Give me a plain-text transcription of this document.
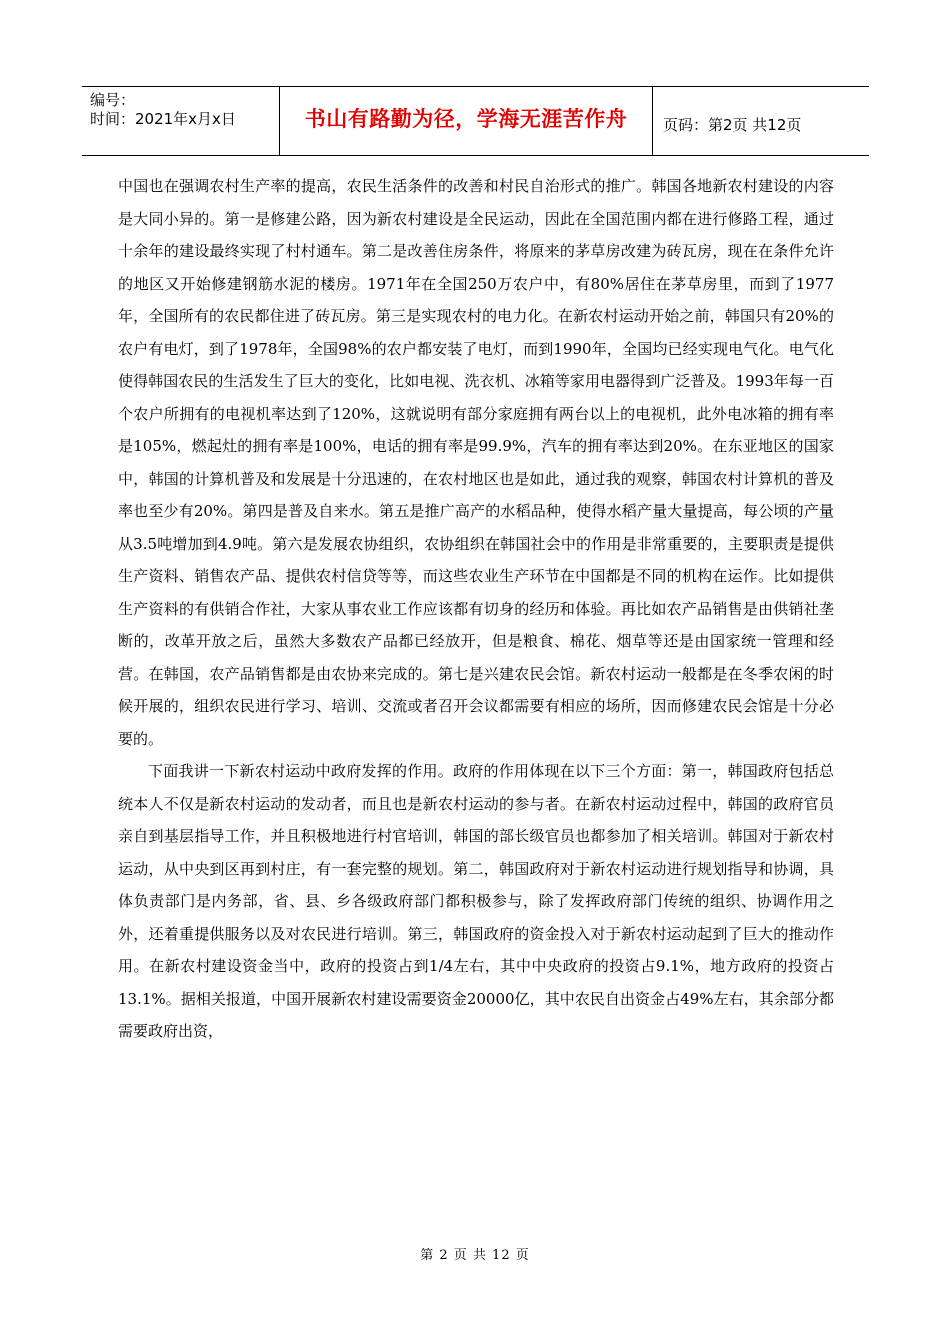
编号：
时间：2021年x月x日	书山有路勤为径，学海无涯苦作舟	页码：第2页 共12页

中国也在强调农村生产率的提高，农民生活条件的改善和村民自治形式的推广。韩国各地新农村建设的内容是大同小异的。第一是修建公路，因为新农村建设是全民运动，因此在全国范围内都在进行修路工程，通过十余年的建设最终实现了村村通车。第二是改善住房条件，将原来的茅草房改建为砖瓦房，现在在条件允许的地区又开始修建钢筋水泥的楼房。1971年在全国250万农户中，有80%居住在茅草房里，而到了1977年，全国所有的农民都住进了砖瓦房。第三是实现农村的电力化。在新农村运动开始之前，韩国只有20%的农户有电灯，到了1978年，全国98%的农户都安装了电灯，而到1990年，全国均已经实现电气化。电气化使得韩国农民的生活发生了巨大的变化，比如电视、洗衣机、冰箱等家用电器得到广泛普及。1993年每一百个农户所拥有的电视机率达到了120%，这就说明有部分家庭拥有两台以上的电视机，此外电冰箱的拥有率是105%，燃起灶的拥有率是100%，电话的拥有率是99.9%，汽车的拥有率达到20%。在东亚地区的国家中，韩国的计算机普及和发展是十分迅速的，在农村地区也是如此，通过我的观察，韩国农村计算机的普及率也至少有20%。第四是普及自来水。第五是推广高产的水稻品种，使得水稻产量大量提高，每公顷的产量从3.5吨增加到4.9吨。第六是发展农协组织，农协组织在韩国社会中的作用是非常重要的，主要职责是提供生产资料、销售农产品、提供农村信贷等等，而这些农业生产环节在中国都是不同的机构在运作。比如提供生产资料的有供销合作社，大家从事农业工作应该都有切身的经历和体验。再比如农产品销售是由供销社垄断的，改革开放之后，虽然大多数农产品都已经放开，但是粮食、棉花、烟草等还是由国家统一管理和经营。在韩国，农产品销售都是由农协来完成的。第七是兴建农民会馆。新农村运动一般都是在冬季农闲的时候开展的，组织农民进行学习、培训、交流或者召开会议都需要有相应的场所，因而修建农民会馆是十分必要的。

下面我讲一下新农村运动中政府发挥的作用。政府的作用体现在以下三个方面：第一，韩国政府包括总统本人不仅是新农村运动的发动者，而且也是新农村运动的参与者。在新农村运动过程中，韩国的政府官员亲自到基层指导工作，并且积极地进行村官培训，韩国的部长级官员也都参加了相关培训。韩国对于新农村运动，从中央到区再到村庄，有一套完整的规划。第二，韩国政府对于新农村运动进行规划指导和协调，具体负责部门是内务部，省、县、乡各级政府部门都积极参与，除了发挥政府部门传统的组织、协调作用之外，还着重提供服务以及对农民进行培训。第三，韩国政府的资金投入对于新农村运动起到了巨大的推动作用。在新农村建设资金当中，政府的投资占到1/4左右，其中中央政府的投资占9.1%，地方政府的投资占13.1%。据相关报道，中国开展新农村建设需要资金20000亿，其中农民自出资金占49%左右，其余部分都需要政府出资，

第 2 页 共 12 页
